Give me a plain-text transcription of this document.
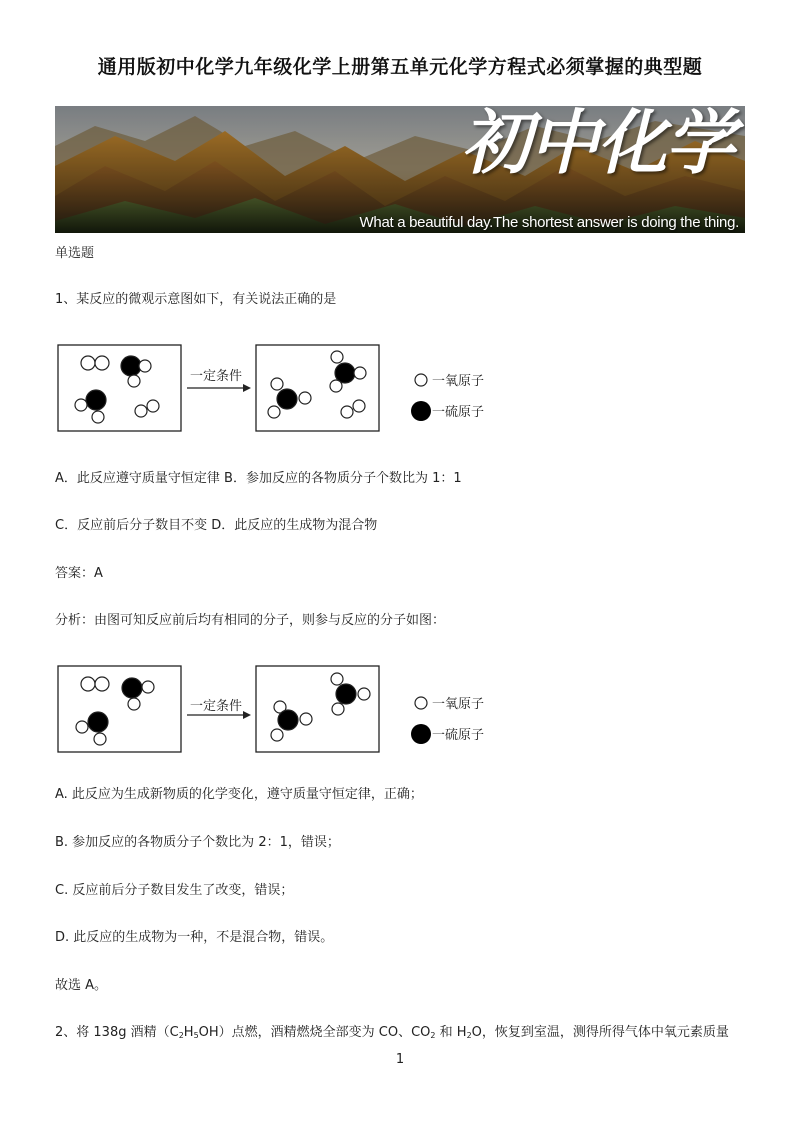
通用版初中化学九年级化学上册第五单元化学方程式必须掌握的典型题
初中化学
What a beautiful day.The shortest answer is doing the thing.
单选题
1、某反应的微观示意图如下，有关说法正确的是
一定条件	一氧原子
一硫原子
A．此反应遵守质量守恒定律 B．参加反应的各物质分子个数比为 1：1
C．反应前后分子数目不变 D．此反应的生成物为混合物
答案：A
分析：由图可知反应前后均有相同的分子，则参与反应的分子如图：
一定条件	一氧原子
一硫原子
A. 此反应为生成新物质的化学变化，遵守质量守恒定律，正确；
B. 参加反应的各物质分子个数比为 2：1，错误；
C. 反应前后分子数目发生了改变，错误；
D. 此反应的生成物为一种，不是混合物，错误。
故选 A。
2、将 138g 酒精$(C_2H_5OH)$点燃，酒精燃烧全部变为 CO、$CO_2$ 和 $H_2O$，恢复到室温，测得所得气体中氧元素质量
1
